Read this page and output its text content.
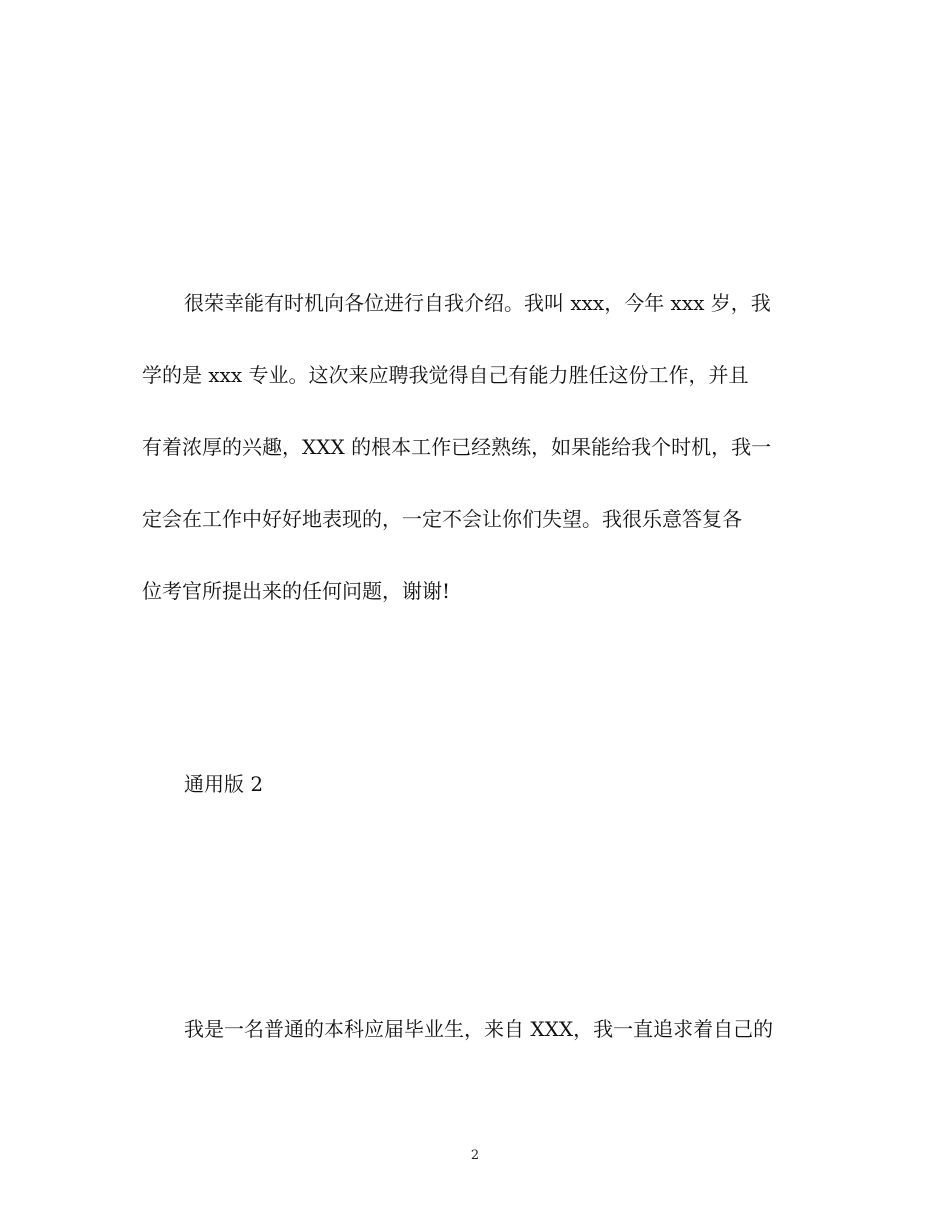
很荣幸能有时机向各位进行自我介绍。我叫 xxx，今年 xxx 岁，我
学的是 xxx 专业。这次来应聘我觉得自己有能力胜任这份工作，并且
有着浓厚的兴趣，XXX 的根本工作已经熟练，如果能给我个时机，我一
定会在工作中好好地表现的，一定不会让你们失望。我很乐意答复各
位考官所提出来的任何问题，谢谢!
通用版 2
我是一名普通的本科应届毕业生，来自 XXX，我一直追求着自己的
2
